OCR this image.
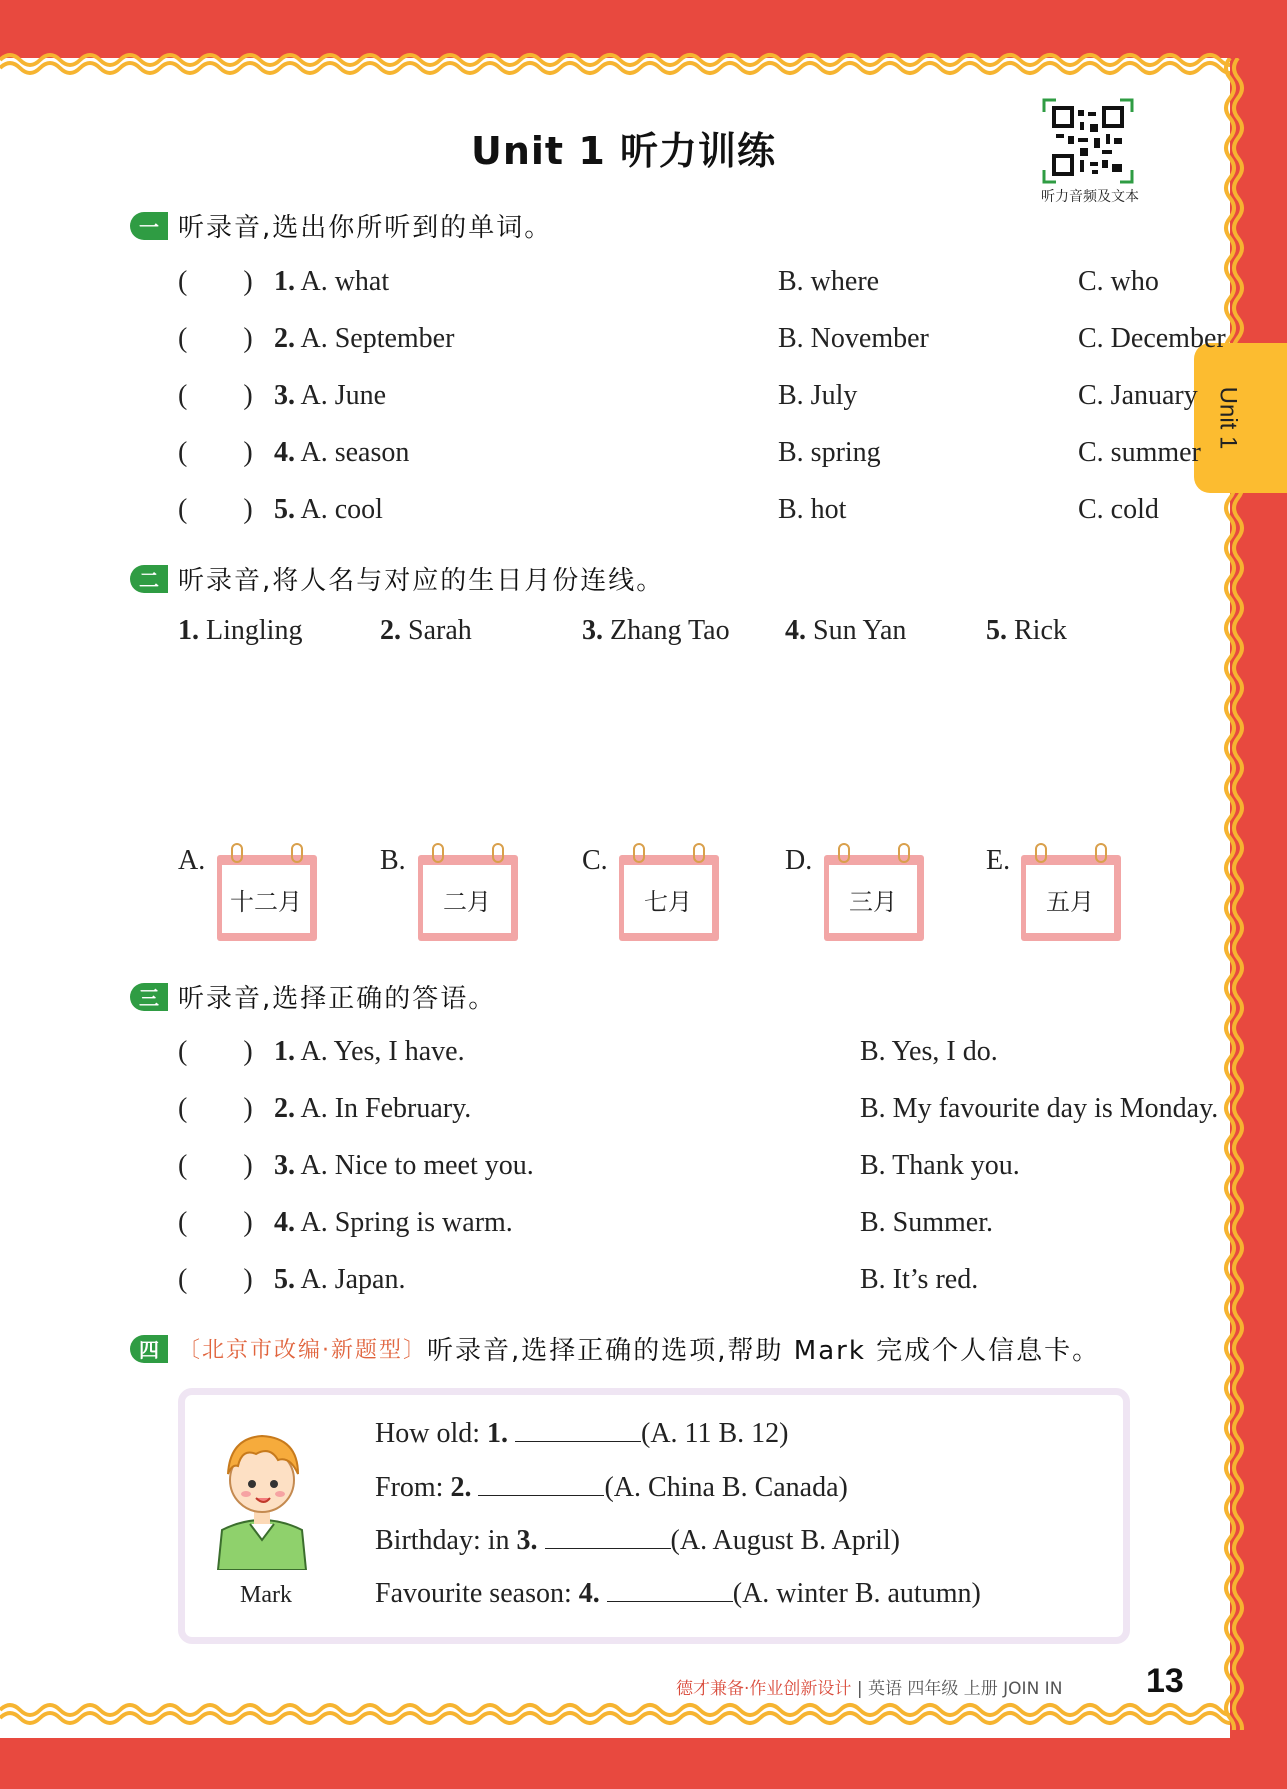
Unit 1
Unit 1 听力训练
听力音频及文本
一 听录音,选出你所听到的单词。
(        ) 1. A. what	B. where	C. who
(        ) 2. A. September	B. November	C. December
(        ) 3. A. June	B. July	C. January
(        ) 4. A. season	B. spring	C. summer
(        ) 5. A. cool	B. hot	C. cold
二 听录音,将人名与对应的生日月份连线。
1. Lingling	2. Sarah	3. Zhang Tao 4. Sun Yan	5. Rick
A.
十二月
B.
二月
C.
七月
D.
三月
E.
五月
三 听录音,选择正确的答语。
(        ) 1. A. Yes, I have.	B. Yes, I do.
(        ) 2. A. In February.	B. My favourite day is Monday.
(        ) 3. A. Nice to meet you.	B. Thank you.
(        ) 4. A. Spring is warm.	B. Summer.
(        ) 5. A. Japan.	B. It’s red.
四 〔北京市改编·新题型〕 听录音,选择正确的选项,帮助 Mark 完成个人信息卡。
Mark
How old: 1.	(A. 11 B. 12)
From: 2.	(A. China B. Canada)
Birthday: in 3.	(A. August B. April)
Favourite season: 4.	(A. winter B. autumn)
德才兼备·作业创新设计 | 英语 四年级 上册 JOIN IN 13
